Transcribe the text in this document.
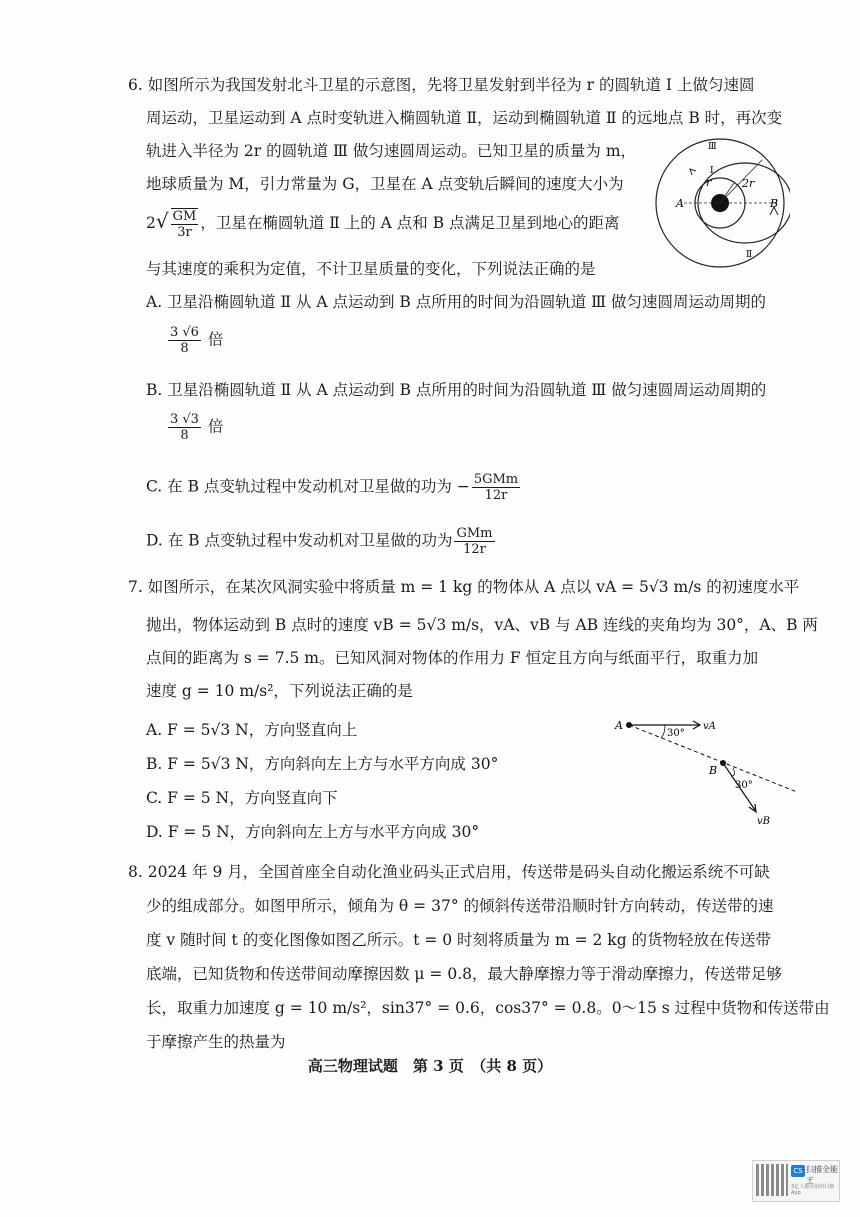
6. 如图所示为我国发射北斗卫星的示意图，先将卫星发射到半径为 r 的圆轨道 Ⅰ 上做匀速圆
周运动，卫星运动到 A 点时变轨进入椭圆轨道 Ⅱ，运动到椭圆轨道 Ⅱ 的远地点 B 时，再次变
轨进入半径为 2r 的圆轨道 Ⅲ 做匀速圆周运动。已知卫星的质量为 m，
地球质量为 M，引力常量为 G，卫星在 A 点变轨后瞬间的速度大小为
$2√ \frac{GM}{3r}$ ，卫星在椭圆轨道 Ⅱ 上的 A 点和 B 点满足卫星到地心的距离
与其速度的乘积为定值，不计卫星质量的变化，下列说法正确的是
A. 卫星沿椭圆轨道 Ⅱ 从 A 点运动到 B 点所用的时间为沿圆轨道 Ⅲ 做匀速圆周运动周期的
$\frac{3 √6}{8}$ 倍
B. 卫星沿椭圆轨道 Ⅱ 从 A 点运动到 B 点所用的时间为沿圆轨道 Ⅲ 做匀速圆周运动周期的
$\frac{3 √3}{8}$ 倍
C. 在 B 点变轨过程中发动机对卫星做的功为 − $\frac{\text{5GMm}}{12r}$
D. 在 B 点变轨过程中发动机对卫星做的功为 $\frac{\text{GMm}}{12r}$
r	2r
A	B
Ⅰ
Ⅲ
Ⅱ
7. 如图所示，在某次风洞实验中将质量 m = 1 kg 的物体从 A 点以 vA = 5√3 m/s 的初速度水平
抛出，物体运动到 B 点时的速度 vB = 5√3 m/s，vA、vB 与 AB 连线的夹角均为 30°，A、B 两
点间的距离为 s = 7.5 m。已知风洞对物体的作用力 F 恒定且方向与纸面平行，取重力加
速度 g = 10 m/s²，下列说法正确的是
A. F = 5√3 N，方向竖直向上
B. F = 5√3 N，方向斜向左上方与水平方向成 30°
C. F = 5 N，方向竖直向下
D. F = 5 N，方向斜向左上方与水平方向成 30°
A	vA
30°
B
30°
vB
8. 2024 年 9 月，全国首座全自动化渔业码头正式启用，传送带是码头自动化搬运系统不可缺
少的组成部分。如图甲所示，倾角为 θ = 37° 的倾斜传送带沿顺时针方向转动，传送带的速
度 v 随时间 t 的变化图像如图乙所示。t = 0 时刻将质量为 m = 2 kg 的货物轻放在传送带
底端，已知货物和传送带间动摩擦因数 μ = 0.8，最大静摩擦力等于滑动摩擦力，传送带足够
长，取重力加速度 g = 10 m/s²，sin37° = 0.6，cos37° = 0.8。0～15 s 过程中货物和传送带由
于摩擦产生的热量为
高三物理试题　第 3 页　（共 8 页）
CS 扫描全能王
3亿人都在用的扫描App
